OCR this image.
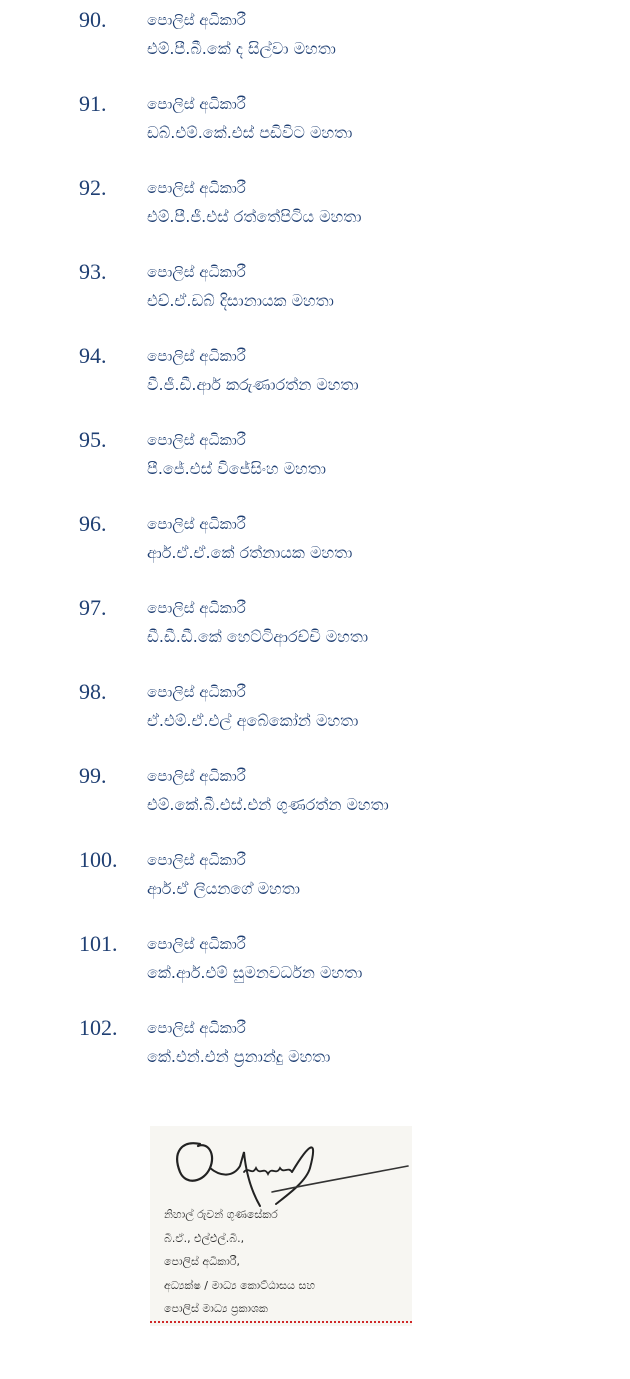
90.	පොලිස් අධිකාරී
එම්.පී.බී.කේ ද සිල්වා මහතා
91.	පොලිස් අධිකාරී
ඩබ්.එම්.කේ.එස් පඩිවිට මහතා
92.	පොලිස් අධිකාරී
එම්.පී.ජී.එස් රත්තේපිටිය මහතා
93.	පොලිස් අධිකාරී
එච්.ඒ.ඩබ් දිසානායක මහතා
94.	පොලිස් අධිකාරී
වී.ජී.ඩී.ආර් කරුණාරත්න මහතා
95.	පොලිස් අධිකාරී
පී.ජේ.එස් විජේසිංහ මහතා
96.	පොලිස් අධිකාරී
ආර්.ඒ.ඒ.කේ රත්නායක මහතා
97.	පොලිස් අධිකාරී
ඩී.ඩී.ඩී.කේ හෙට්ටිආරච්චි මහතා
98.	පොලිස් අධිකාරී
ඒ.එම්.ඒ.එල් අබේකෝන් මහතා
99.	පොලිස් අධිකාරී
එම්.කේ.බී.එස්.එන් ගුණරත්න මහතා
100. පොලිස් අධිකාරී
ආර්.ඒ ලියනගේ මහතා
101. පොලිස් අධිකාරී
කේ.ආර්.එම් සුමනවර්ධන මහතා
102. පොලිස් අධිකාරී
කේ.එන්.එන් ප්‍රනාන්දු මහතා
නිහාල් රුවන් ගුණසේකර
බී.ඒ., එල්එල්.බී.,
පොලිස් අධිකාරී,
අධ්‍යක්ෂ / මාධ්‍ය කොට්ඨාසය සහ
පොලිස් මාධ්‍ය ප්‍රකාශක
